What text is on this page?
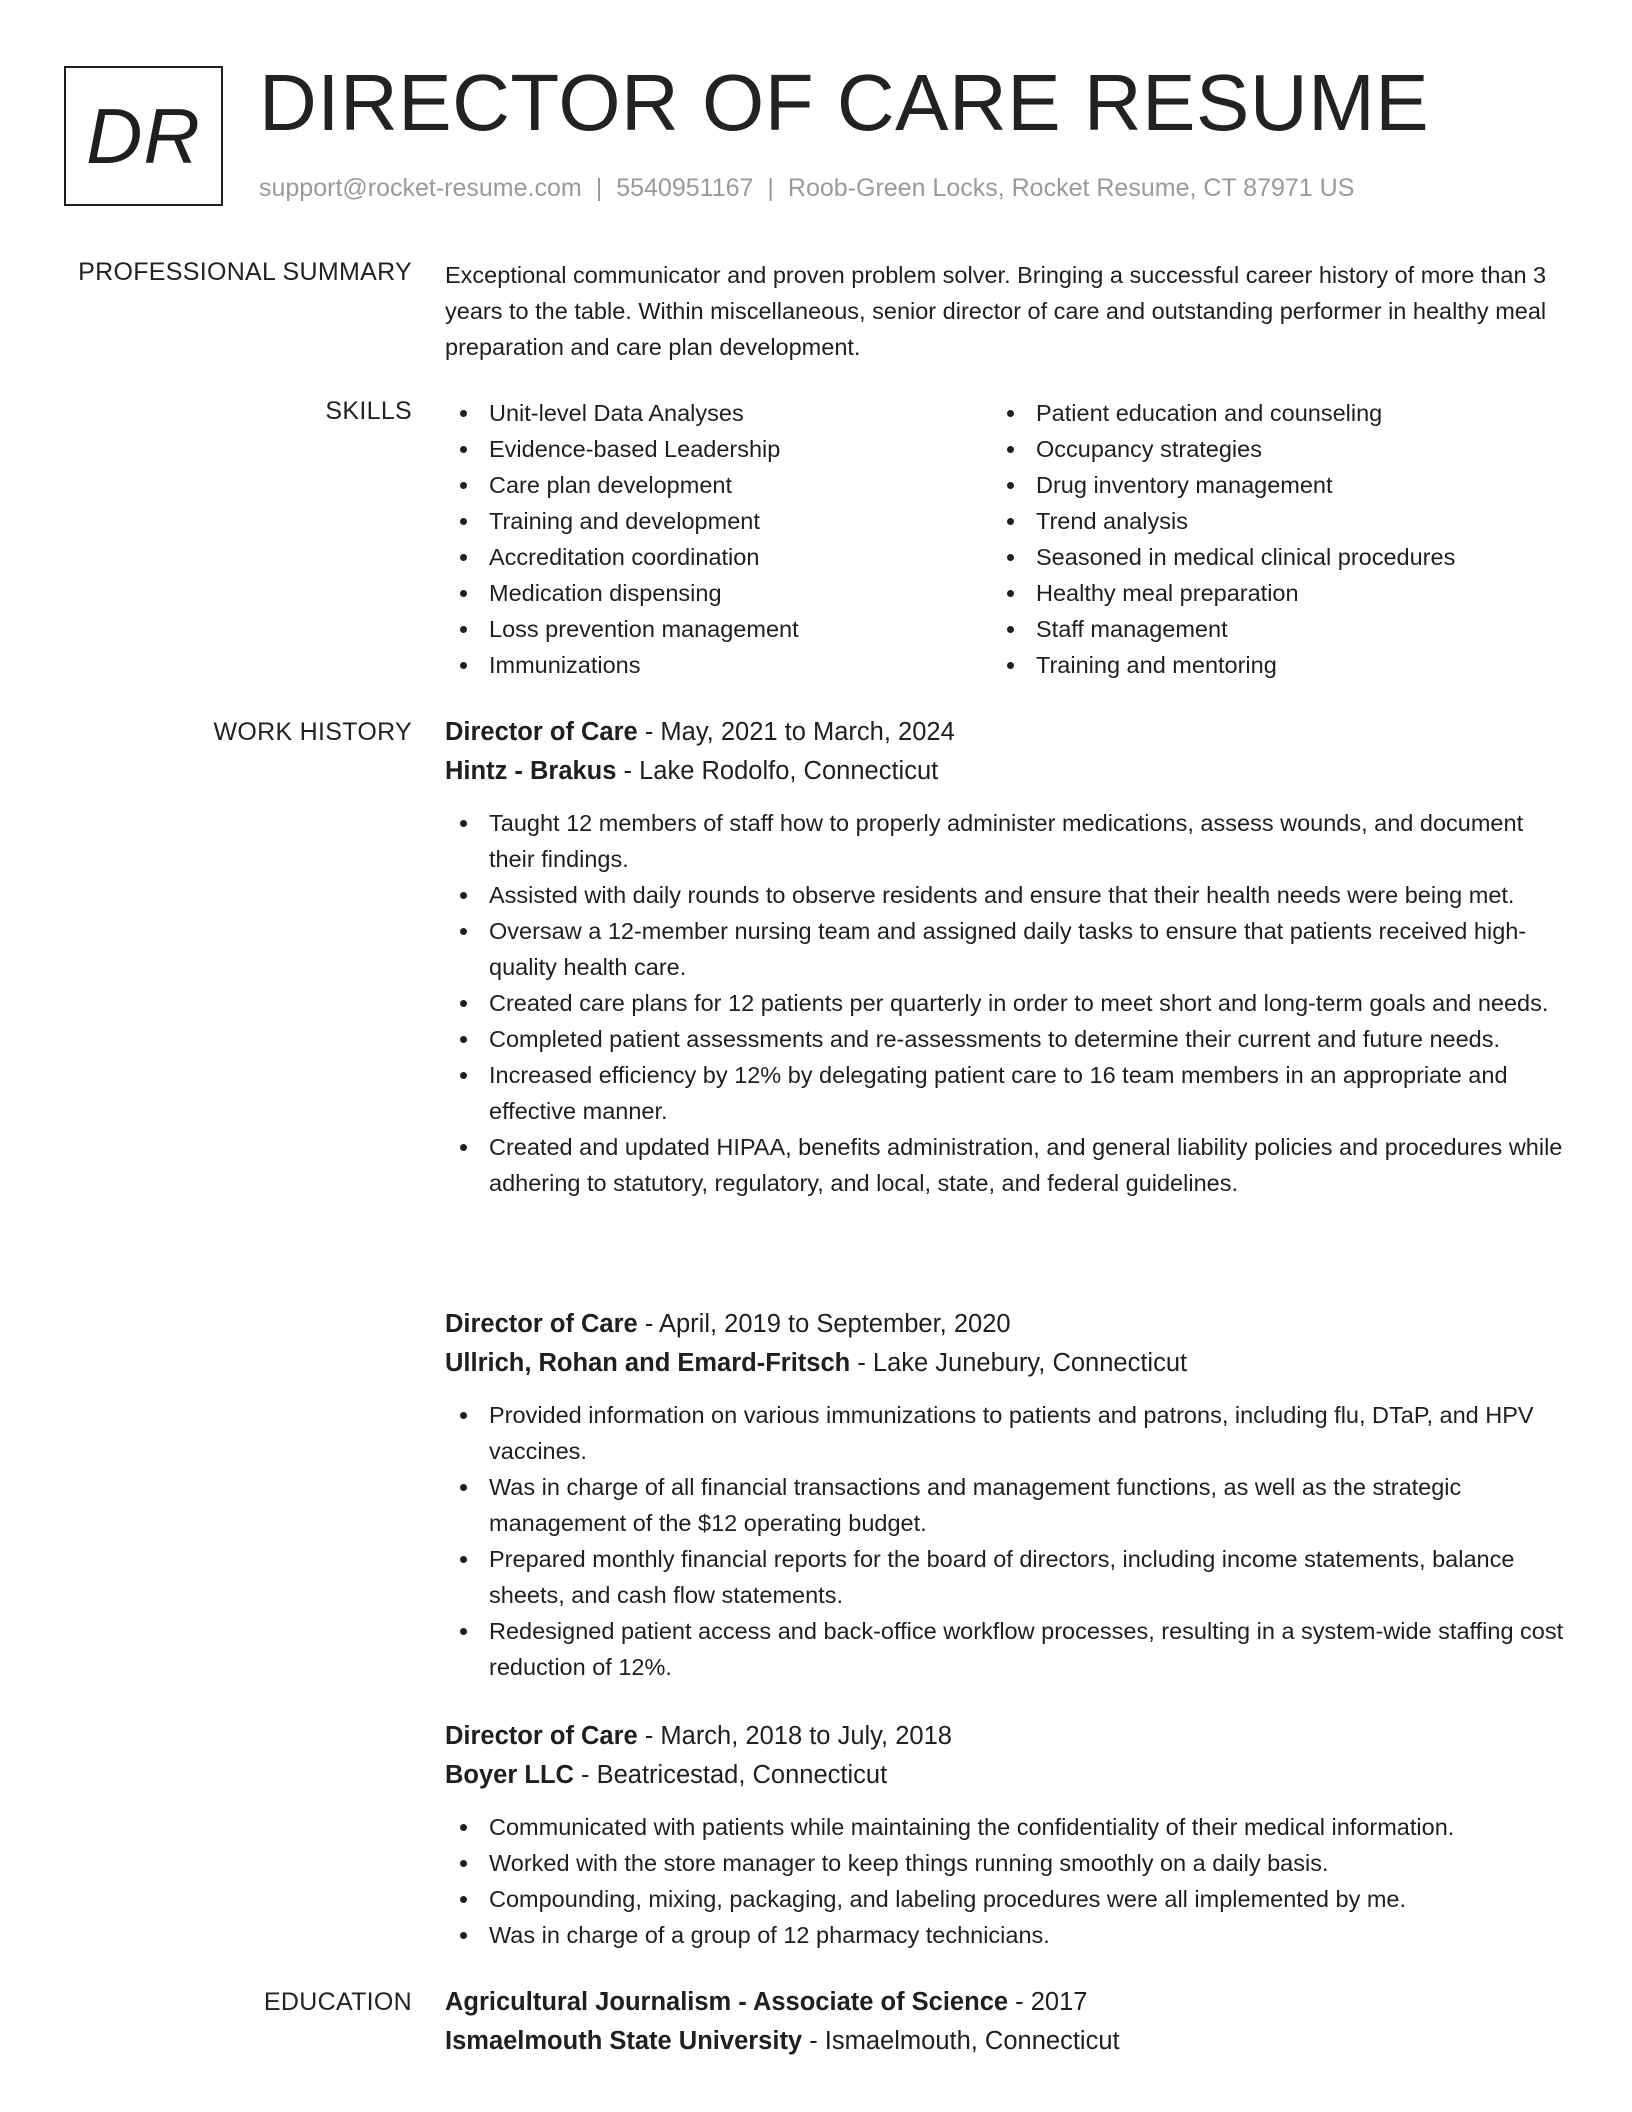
DR DIRECTOR OF CARE RESUME
support@rocket-resume.com | 5540951167 | Roob-Green Locks, Rocket Resume, CT 87971 US
PROFESSIONAL SUMMARY Exceptional communicator and proven problem solver. Bringing a successful career history of more than 3 years to the table. Within miscellaneous, senior director of care and outstanding performer in healthy meal preparation and care plan development.

SKILLS	Unit-level Data Analyses
Evidence-based Leadership
Care plan development
Training and development
Accreditation coordination
Medication dispensing
Loss prevention management
Immunizations
Patient education and counseling
Occupancy strategies
Drug inventory management
Trend analysis
Seasoned in medical clinical procedures
Healthy meal preparation
Staff management
Training and mentoring
WORK HISTORY Director of Care - May, 2021 to March, 2024
Hintz - Brakus - Lake Rodolfo, Connecticut
Taught 12 members of staff how to properly administer medications, assess wounds, and document their findings.
Assisted with daily rounds to observe residents and ensure that their health needs were being met.
Oversaw a 12-member nursing team and assigned daily tasks to ensure that patients received high-quality health care.
Created care plans for 12 patients per quarterly in order to meet short and long-term goals and needs.
Completed patient assessments and re-assessments to determine their current and future needs.
Increased efficiency by 12% by delegating patient care to 16 team members in an appropriate and effective manner.
Created and updated HIPAA, benefits administration, and general liability policies and procedures while adhering to statutory, regulatory, and local, state, and federal guidelines.
Director of Care - April, 2019 to September, 2020
Ullrich, Rohan and Emard-Fritsch - Lake Junebury, Connecticut
Provided information on various immunizations to patients and patrons, including flu, DTaP, and HPV vaccines.
Was in charge of all financial transactions and management functions, as well as the strategic management of the $12 operating budget.
Prepared monthly financial reports for the board of directors, including income statements, balance sheets, and cash flow statements.
Redesigned patient access and back-office workflow processes, resulting in a system-wide staffing cost reduction of 12%.
Director of Care - March, 2018 to July, 2018
Boyer LLC - Beatricestad, Connecticut
Communicated with patients while maintaining the confidentiality of their medical information.
Worked with the store manager to keep things running smoothly on a daily basis.
Compounding, mixing, packaging, and labeling procedures were all implemented by me.
Was in charge of a group of 12 pharmacy technicians.
EDUCATION Agricultural Journalism - Associate of Science - 2017
Ismaelmouth State University - Ismaelmouth, Connecticut
